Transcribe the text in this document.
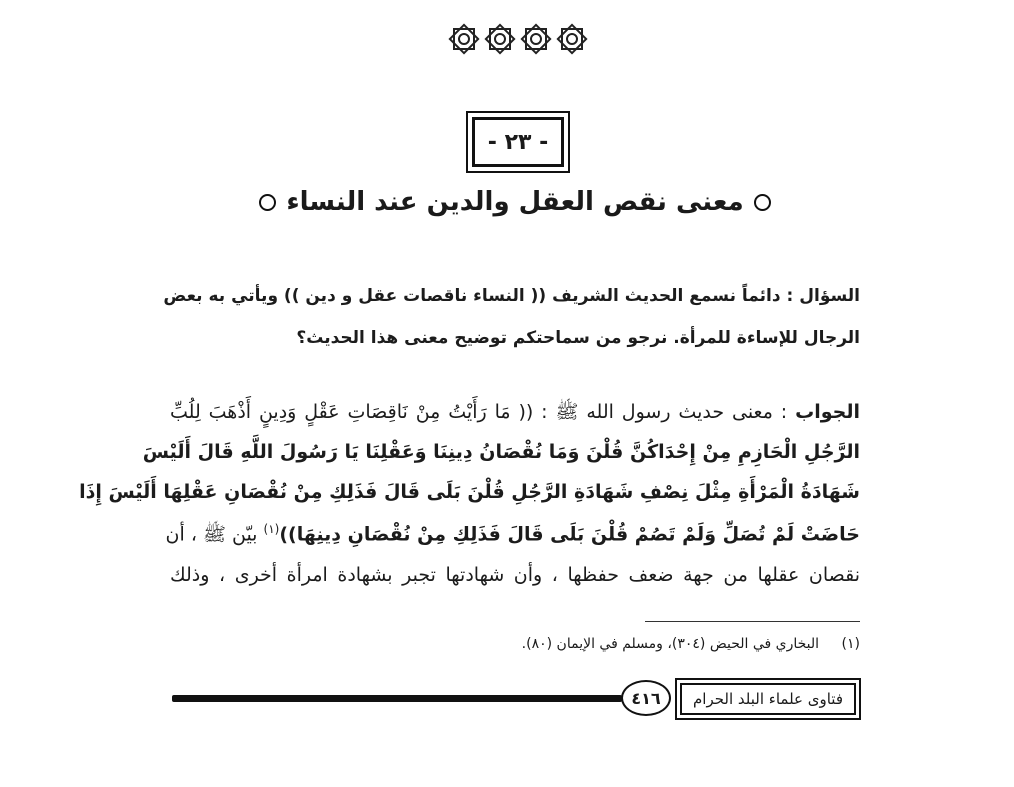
- ٢٣ -
معنى نقص العقل والدين عند النساء
السؤال : دائماً نسمع الحديث الشريف (( النساء ناقصات عقل و دين )) ويأتي به بعض
الرجال للإساءة للمرأة. نرجو من سماحتكم توضيح معنى هذا الحديث؟
الجواب : معنى حديث رسول الله ﷺ : (( مَا رَأَيْتُ مِنْ نَاقِصَاتِ عَقْلٍ وَدِينٍ أَذْهَبَ لِلُبِّ
الرَّجُلِ الْحَازِمِ مِنْ إِحْدَاكُنَّ قُلْنَ وَمَا نُقْصَانُ دِينِنَا وَعَقْلِنَا يَا رَسُولَ اللَّهِ قَالَ أَلَيْسَ
شَهَادَةُ الْمَرْأَةِ مِثْلَ نِصْفِ شَهَادَةِ الرَّجُلِ قُلْنَ بَلَى قَالَ فَذَلِكِ مِنْ نُقْصَانِ عَقْلِهَا أَلَيْسَ إِذَا
حَاضَتْ لَمْ تُصَلِّ وَلَمْ تَصُمْ قُلْنَ بَلَى قَالَ فَذَلِكِ مِنْ نُقْصَانِ دِينِهَا))$^{(١)}$ بيّن ﷺ ، أن
نقصان عقلها من جهة ضعف حفظها ، وأن شهادتها تجبر بشهادة امرأة أخرى ، وذلك
(١) البخاري في الحيض (٣٠٤)، ومسلم في الإيمان (٨٠).
٤١٦	فتاوى علماء البلد الحرام
